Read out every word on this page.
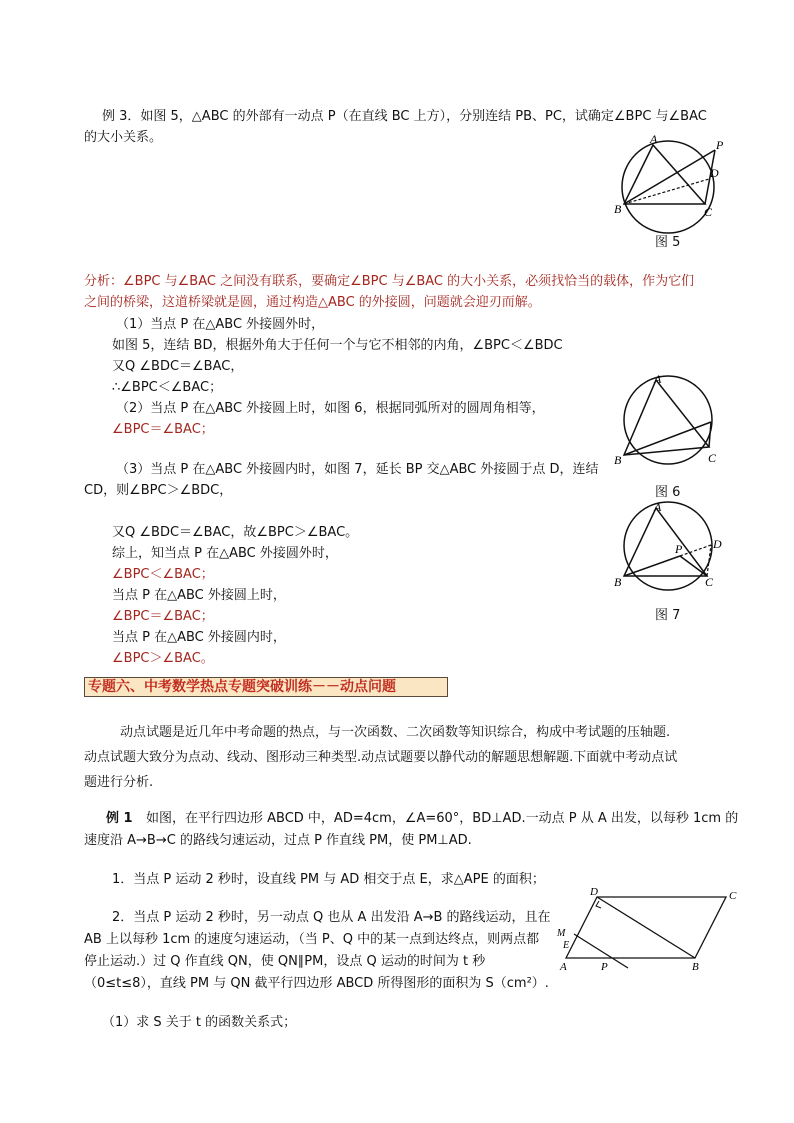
例 3．如图 5，△ABC 的外部有一动点 P（在直线 BC 上方），分别连结 PB、PC，试确定∠BPC 与∠BAC
的大小关系。	A
B	C
D
P
图 5
分析：∠BPC 与∠BAC 之间没有联系，要确定∠BPC 与∠BAC 的大小关系，必须找恰当的载体，作为它们
之间的桥梁，这道桥梁就是圆，通过构造△ABC 的外接圆，问题就会迎刃而解。
（1）当点 P 在△ABC 外接圆外时，
如图 5，连结 BD，根据外角大于任何一个与它不相邻的内角，∠BPC＜∠BDC
又Q ∠BDC＝∠BAC，
∴∠BPC＜∠BAC；
（2）当点 P 在△ABC 外接圆上时，如图 6，根据同弧所对的圆周角相等，
∠BPC＝∠BAC；
（3）当点 P 在△ABC 外接圆内时，如图 7，延长 BP 交△ABC 外接圆于点 D，连结
CD，则∠BPC＞∠BDC，
又Q ∠BDC＝∠BAC，故∠BPC＞∠BAC。
综上，知当点 P 在△ABC 外接圆外时，
∠BPC＜∠BAC；
当点 P 在△ABC 外接圆上时，
∠BPC＝∠BAC；
当点 P 在△ABC 外接圆内时，
∠BPC＞∠BAC。
A
B	C
图 6
A
B	C
P	D
图 7
专题六、中考数学热点专题突破训练－－动点问题
动点试题是近几年中考命题的热点，与一次函数、二次函数等知识综合，构成中考试题的压轴题.
动点试题大致分为点动、线动、图形动三种类型.动点试题要以静代动的解题思想解题.下面就中考动点试
题进行分析.
例 1 如图，在平行四边形 ABCD 中，AD=4cm，∠A=60°，BD⊥AD.一动点 P 从 A 出发，以每秒 1cm 的
速度沿 A→B→C 的路线匀速运动，过点 P 作直线 PM，使 PM⊥AD.
1．当点 P 运动 2 秒时，设直线 PM 与 AD 相交于点 E，求△APE 的面积；
2．当点 P 运动 2 秒时，另一动点 Q 也从 A 出发沿 A→B 的路线运动，且在
AB 上以每秒 1cm 的速度匀速运动，（当 P、Q 中的某一点到达终点，则两点都
停止运动.）过 Q 作直线 QN，使 QN∥PM，设点 Q 运动的时间为 t 秒
（0≤t≤8），直线 PM 与 QN 截平行四边形 ABCD 所得图形的面积为 S（cm²）.
（1）求 S 关于 t 的函数关系式；
D	C
A	B
P
M
E
